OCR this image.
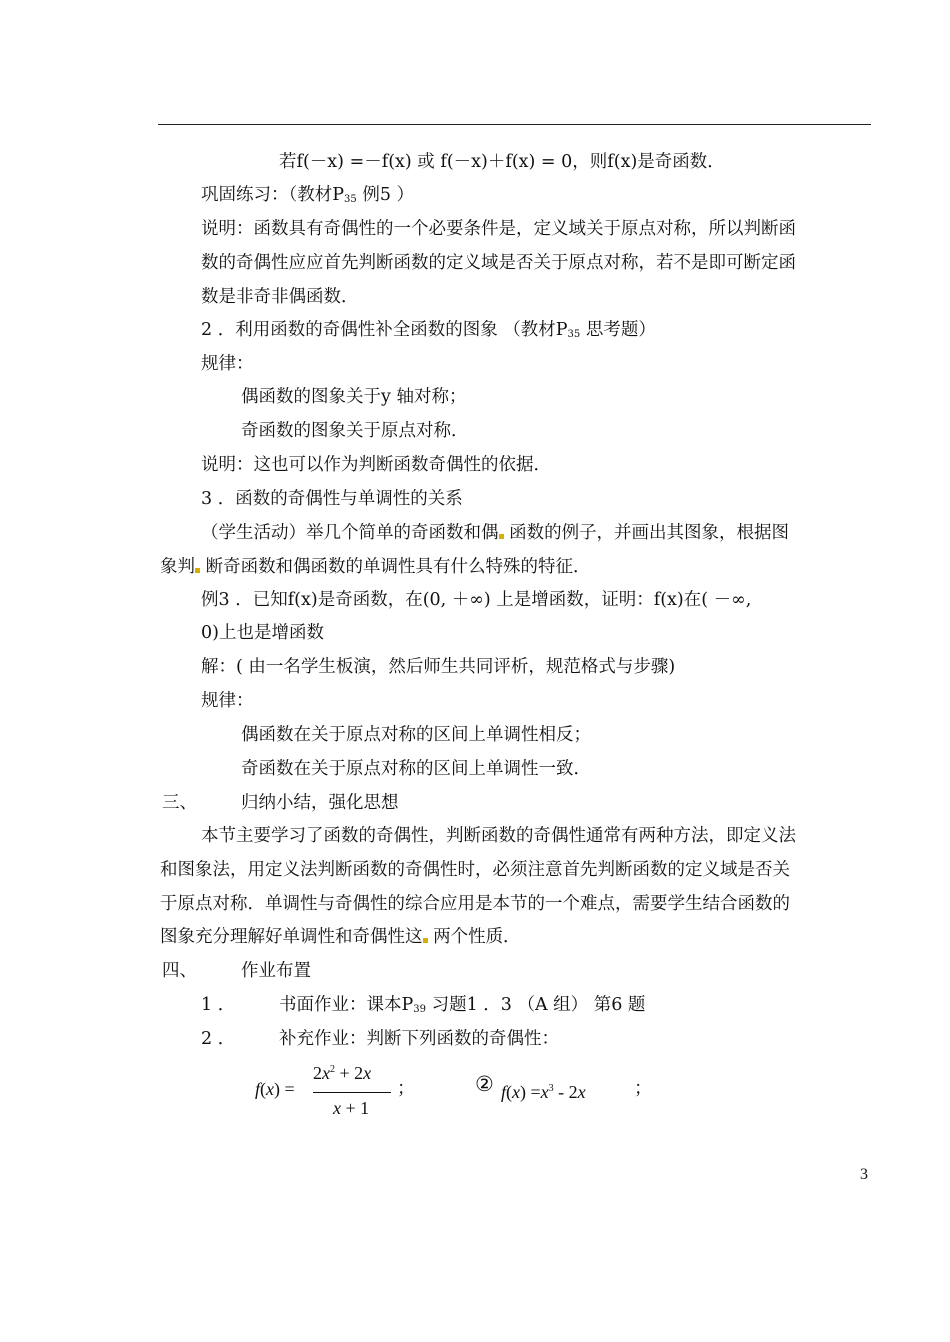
若f(－x) =－f(x) 或 f(－x)＋f(x) = 0，则f(x)是奇函数．
巩固练习：（教材$P_{35}$ 例5 ）
说明：函数具有奇偶性的一个必要条件是，定义域关于原点对称，所以判断函
数的奇偶性应应首先判断函数的定义域是否关于原点对称，若不是即可断定函
数是非奇非偶函数．
2 ．利用函数的奇偶性补全函数的图象 （教材$P_{35}$ 思考题）
规律：
偶函数的图象关于y 轴对称；
奇函数的图象关于原点对称．
说明：这也可以作为判断函数奇偶性的依据．
3 ．函数的奇偶性与单调性的关系
（学生活动）举几个简单的奇函数和偶 函数的例子，并画出其图象，根据图
象判 断奇函数和偶函数的单调性具有什么特殊的特征．
例3 ．已知f(x)是奇函数，在(0, ＋∞) 上是增函数，证明：f(x)在( －∞,
0)上也是增函数
解：( 由一名学生板演，然后师生共同评析，规范格式与步骤)
规律：
偶函数在关于原点对称的区间上单调性相反；
奇函数在关于原点对称的区间上单调性一致．
三、	归纳小结，强化思想
本节主要学习了函数的奇偶性，判断函数的奇偶性通常有两种方法，即定义法
和图象法，用定义法判断函数的奇偶性时，必须注意首先判断函数的定义域是否关
于原点对称．单调性与奇偶性的综合应用是本节的一个难点，需要学生结合函数的
图象充分理解好单调性和奇偶性这 两个性质．
四、	作业布置
1 ．	书面作业：课本$P_{39}$ 习题1 ．3 （A 组） 第6 题
2 ．	补充作业：判断下列函数的奇偶性：
f(x) =
$2x^2 + 2x$
x + 1
；	② $f(x) =x^3 - 2x$	；
3
